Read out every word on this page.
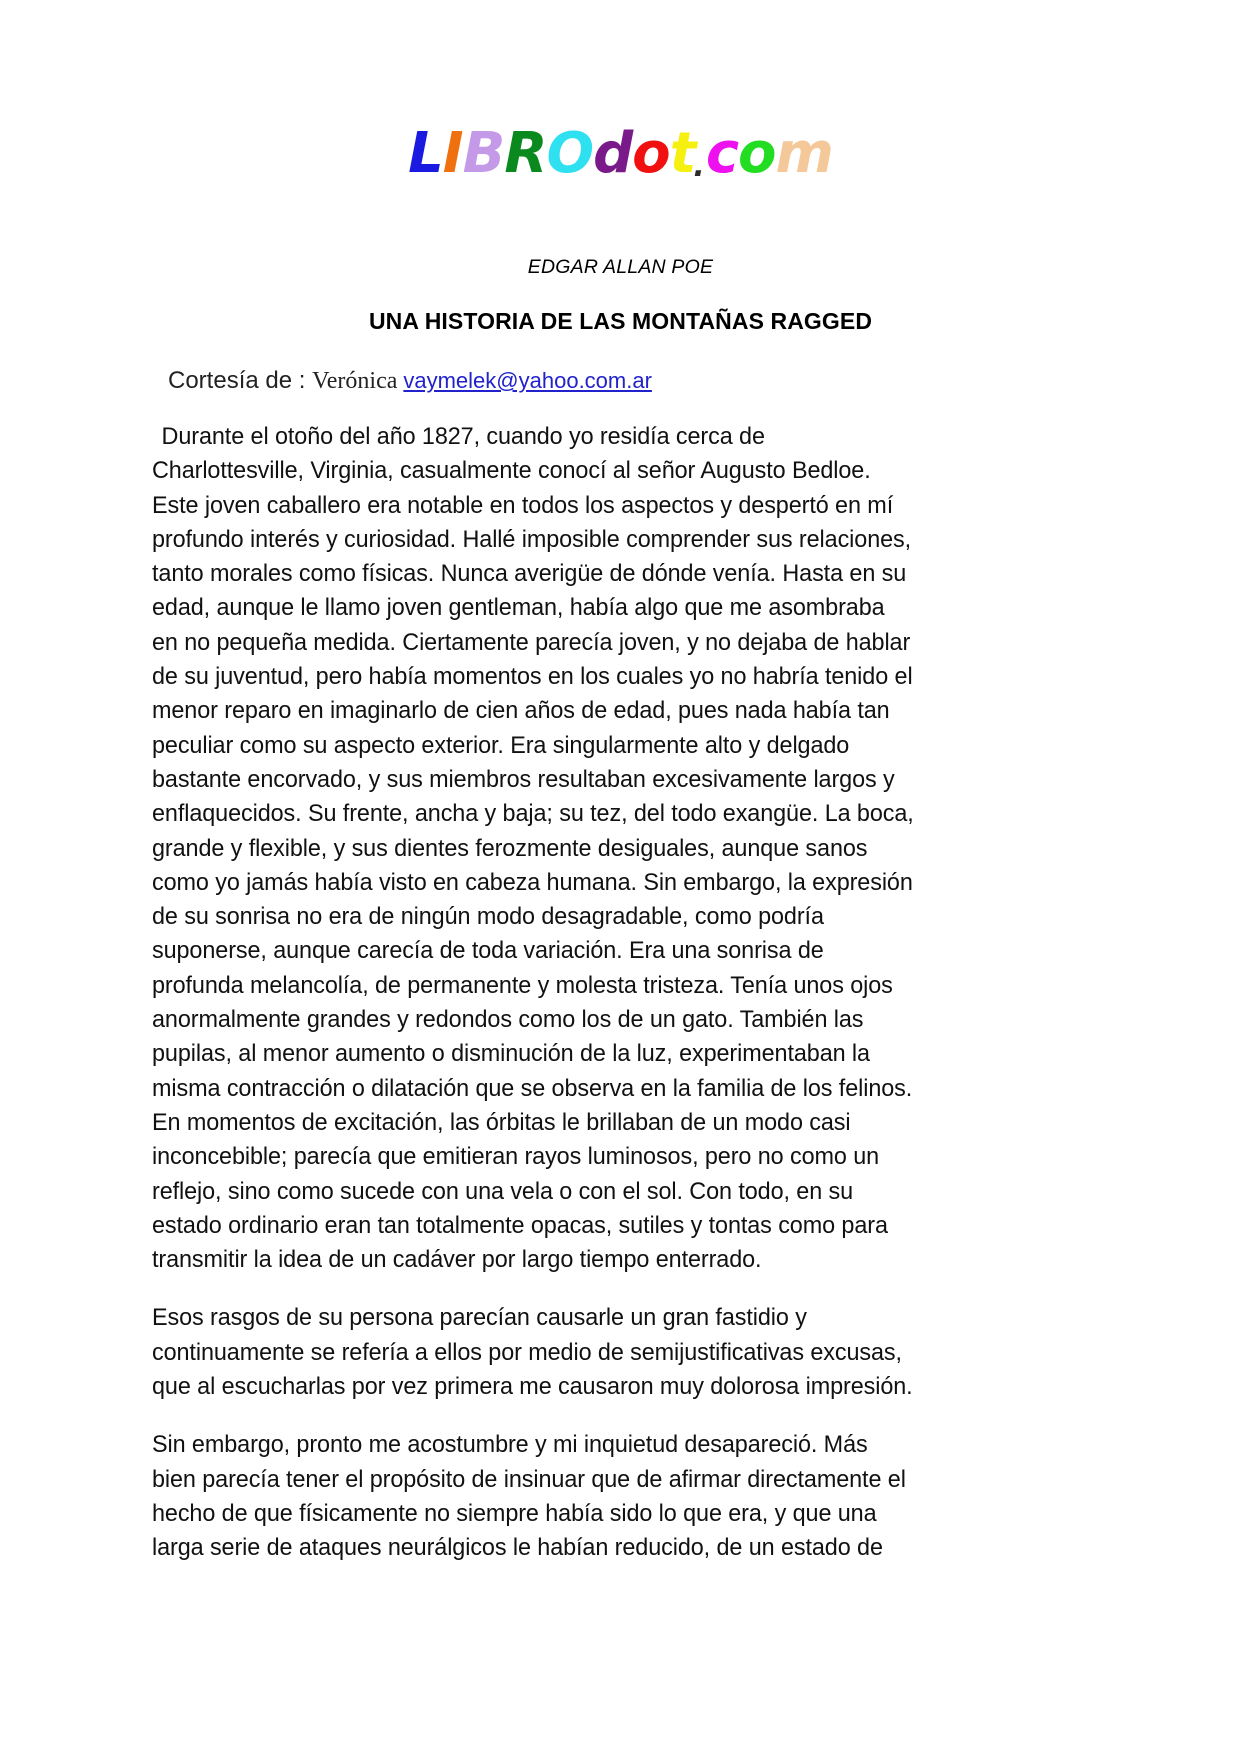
LIBROdot.com
EDGAR ALLAN POE
UNA HISTORIA DE LAS MONTAÑAS RAGGED
Cortesía de : Verónica vaymelek@yahoo.com.ar

Durante el otoño del año 1827, cuando yo residía cerca de Charlottesville, Virginia, casualmente conocí al señor Augusto Bedloe. Este joven caballero era notable en todos los aspectos y despertó en mí profundo interés y curiosidad. Hallé imposible comprender sus relaciones, tanto morales como físicas. Nunca averigüe de dónde venía. Hasta en su edad, aunque le llamo joven gentleman, había algo que me asombraba en no pequeña medida. Ciertamente parecía joven, y no dejaba de hablar de su juventud, pero había momentos en los cuales yo no habría tenido el menor reparo en imaginarlo de cien años de edad, pues nada había tan peculiar como su aspecto exterior. Era singularmente alto y delgado bastante encorvado, y sus miembros resultaban excesivamente largos y enflaquecidos. Su frente, ancha y baja; su tez, del todo exangüe. La boca, grande y flexible, y sus dientes ferozmente desiguales, aunque sanos como yo jamás había visto en cabeza humana. Sin embargo, la expresión de su sonrisa no era de ningún modo desagradable, como podría suponerse, aunque carecía de toda variación. Era una sonrisa de profunda melancolía, de permanente y molesta tristeza. Tenía unos ojos anormalmente grandes y redondos como los de un gato. También las pupilas, al menor aumento o disminución de la luz, experimentaban la misma contracción o dilatación que se observa en la familia de los felinos. En momentos de excitación, las órbitas le brillaban de un modo casi inconcebible; parecía que emitieran rayos luminosos, pero no como un reflejo, sino como sucede con una vela o con el sol. Con todo, en su estado ordinario eran tan totalmente opacas, sutiles y tontas como para transmitir la idea de un cadáver por largo tiempo enterrado.

Esos rasgos de su persona parecían causarle un gran fastidio y continuamente se refería a ellos por medio de semijustificativas excusas, que al escucharlas por vez primera me causaron muy dolorosa impresión.

Sin embargo, pronto me acostumbre y mi inquietud desapareció. Más bien parecía tener el propósito de insinuar que de afirmar directamente el hecho de que físicamente no siempre había sido lo que era, y que una larga serie de ataques neurálgicos le habían reducido, de un estado de
